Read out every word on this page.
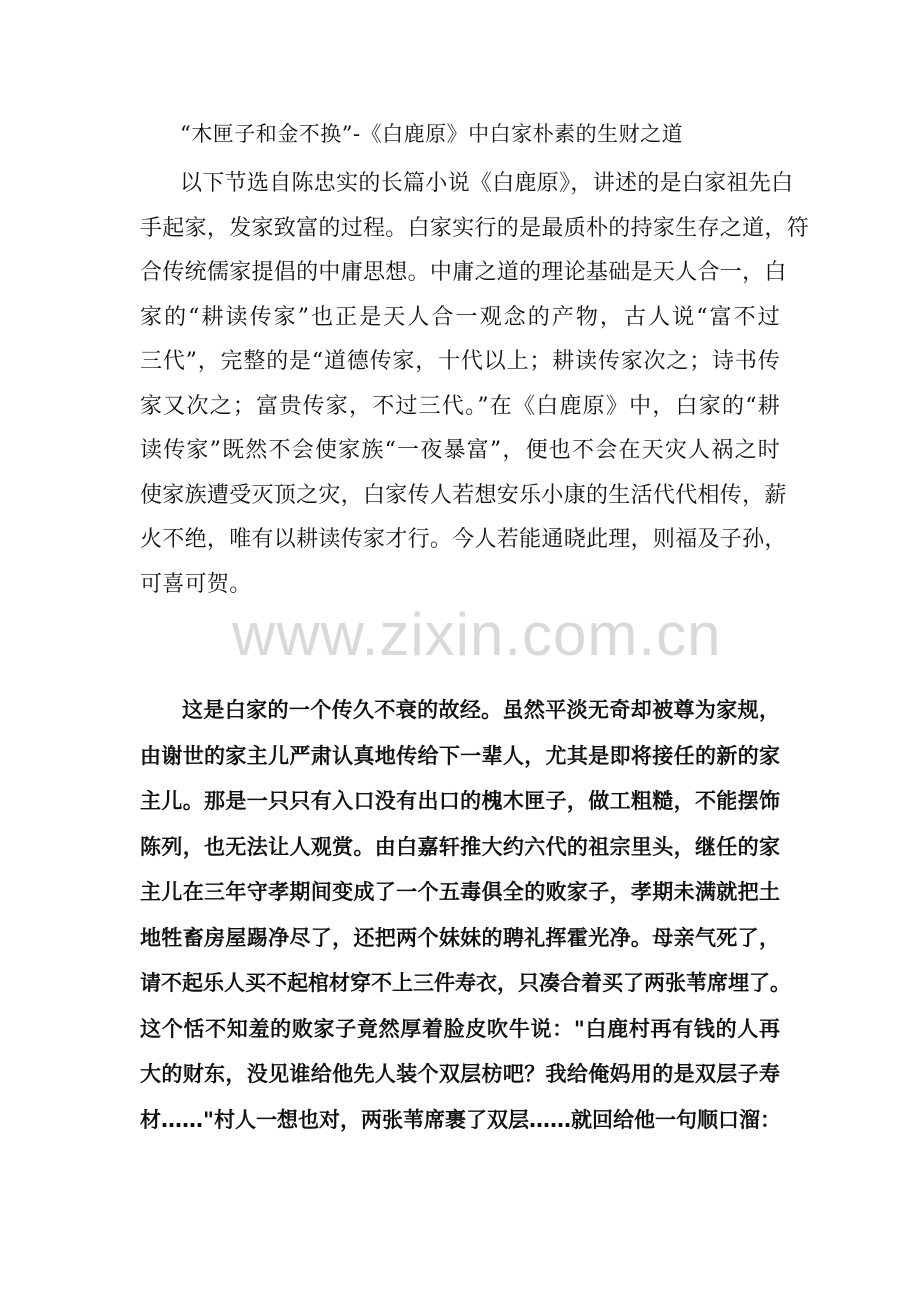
“木匣子和金不换”-《白鹿原》中白家朴素的生财之道
以下节选自陈忠实的长篇小说《白鹿原》，讲述的是白家祖先白
手起家，发家致富的过程。白家实行的是最质朴的持家生存之道，符
合传统儒家提倡的中庸思想。中庸之道的理论基础是天人合一，白
家的“耕读传家”也正是天人合一观念的产物，古人说“富不过
三代”，完整的是“道德传家，十代以上；耕读传家次之；诗书传
家又次之；富贵传家，不过三代。”在《白鹿原》中，白家的“耕
读传家”既然不会使家族“一夜暴富”，便也不会在天灾人祸之时
使家族遭受灭顶之灾，白家传人若想安乐小康的生活代代相传，薪
火不绝，唯有以耕读传家才行。今人若能通晓此理，则福及子孙，
可喜可贺。
www.zixin.com.cn
这是白家的一个传久不衰的故经。虽然平淡无奇却被尊为家规，
由谢世的家主儿严肃认真地传给下一辈人，尤其是即将接任的新的家
主儿。那是一只只有入口没有出口的槐木匣子，做工粗糙，不能摆饰
陈列，也无法让人观赏。由白嘉轩推大约六代的祖宗里头，继任的家
主儿在三年守孝期间变成了一个五毒俱全的败家子，孝期未满就把土
地牲畜房屋踢净尽了，还把两个妹妹的聘礼挥霍光净。母亲气死了，
请不起乐人买不起棺材穿不上三件寿衣，只凑合着买了两张苇席埋了。
这个恬不知羞的败家子竟然厚着脸皮吹牛说："白鹿村再有钱的人再
大的财东，没见谁给他先人装个双层枋吧？我给俺妈用的是双层子寿
材……"村人一想也对，两张苇席裹了双层……就回给他一句顺口溜：
